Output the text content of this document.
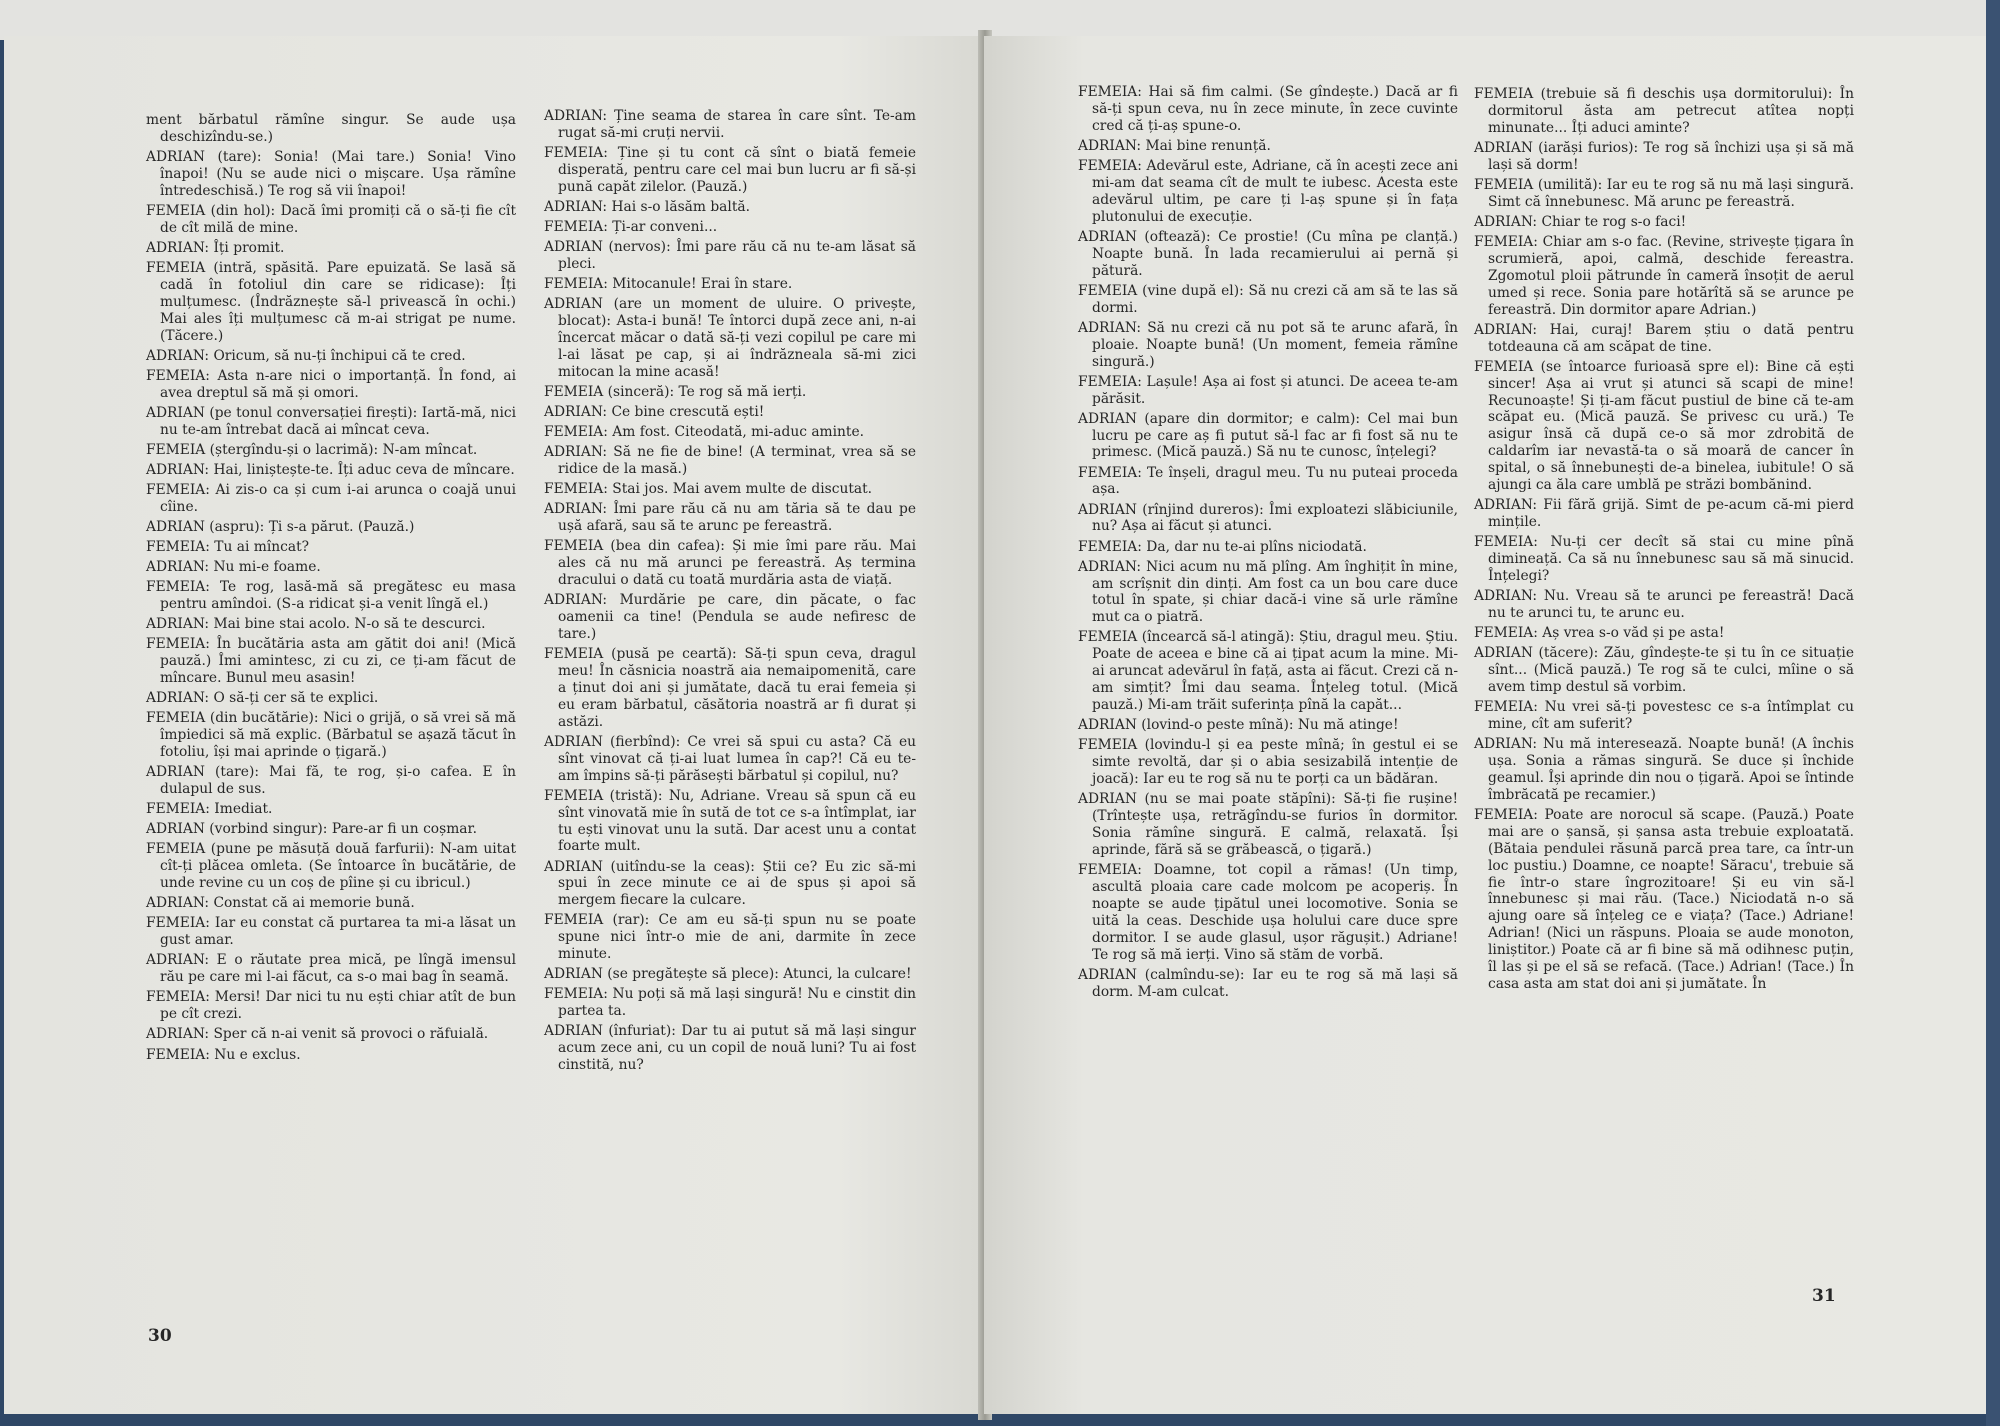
ment bărbatul rămîne singur. Se aude ușa deschizîndu-se.)

ADRIAN (tare): Sonia! (Mai tare.) Sonia! Vino înapoi! (Nu se aude nici o mișcare. Ușa rămîne întredeschisă.) Te rog să vii înapoi!

FEMEIA (din hol): Dacă îmi promiți că o să-ți fie cît de cît milă de mine.

ADRIAN: Îți promit.

FEMEIA (intră, spăsită. Pare epuizată. Se lasă să cadă în fotoliul din care se ridicase): Îți mulțumesc. (Îndrăznește să-l privească în ochi.) Mai ales îți mulțumesc că m-ai strigat pe nume. (Tăcere.)

ADRIAN: Oricum, să nu-ți închipui că te cred.

FEMEIA: Asta n-are nici o importanță. În fond, ai avea dreptul să mă și omori.

ADRIAN (pe tonul conversației firești): Iartă-mă, nici nu te-am întrebat dacă ai mîncat ceva.

FEMEIA (ștergîndu-și o lacrimă): N-am mîncat.

ADRIAN: Hai, liniștește-te. Îți aduc ceva de mîncare.

FEMEIA: Ai zis-o ca și cum i-ai arunca o coajă unui cîine.

ADRIAN (aspru): Ți s-a părut. (Pauză.)

FEMEIA: Tu ai mîncat?

ADRIAN: Nu mi-e foame.

FEMEIA: Te rog, lasă-mă să pregătesc eu masa pentru amîndoi. (S-a ridicat și-a venit lîngă el.)

ADRIAN: Mai bine stai acolo. N-o să te descurci.

FEMEIA: În bucătăria asta am gătit doi ani! (Mică pauză.) Îmi amintesc, zi cu zi, ce ți-am făcut de mîncare. Bunul meu asasin!

ADRIAN: O să-ți cer să te explici.

FEMEIA (din bucătărie): Nici o grijă, o să vrei să mă împiedici să mă explic. (Bărbatul se așază tăcut în fotoliu, își mai aprinde o țigară.)

ADRIAN (tare): Mai fă, te rog, și-o cafea. E în dulapul de sus.

FEMEIA: Imediat.

ADRIAN (vorbind singur): Pare-ar fi un coșmar.

FEMEIA (pune pe măsuță două farfurii): N-am uitat cît-ți plăcea omleta. (Se întoarce în bucătărie, de unde revine cu un coș de pîine și cu ibricul.)

ADRIAN: Constat că ai memorie bună.

FEMEIA: Iar eu constat că purtarea ta mi-a lăsat un gust amar.

ADRIAN: E o răutate prea mică, pe lîngă imensul rău pe care mi l-ai făcut, ca s-o mai bag în seamă.

FEMEIA: Mersi! Dar nici tu nu ești chiar atît de bun pe cît crezi.

ADRIAN: Sper că n-ai venit să provoci o răfuială.

FEMEIA: Nu e exclus.

ADRIAN: Ține seama de starea în care sînt. Te-am rugat să-mi cruți nervii.

FEMEIA: Ține și tu cont că sînt o biată femeie disperată, pentru care cel mai bun lucru ar fi să-și pună capăt zilelor. (Pauză.)

ADRIAN: Hai s-o lăsăm baltă.

FEMEIA: Ți-ar conveni...

ADRIAN (nervos): Îmi pare rău că nu te-am lăsat să pleci.

FEMEIA: Mitocanule! Erai în stare.

ADRIAN (are un moment de uluire. O privește, blocat): Asta-i bună! Te întorci după zece ani, n-ai încercat măcar o dată să-ți vezi copilul pe care mi l-ai lăsat pe cap, și ai îndrăzneala să-mi zici mitocan la mine acasă!

FEMEIA (sinceră): Te rog să mă ierți.

ADRIAN: Ce bine crescută ești!

FEMEIA: Am fost. Citeodată, mi-aduc aminte.

ADRIAN: Să ne fie de bine! (A terminat, vrea să se ridice de la masă.)

FEMEIA: Stai jos. Mai avem multe de discutat.

ADRIAN: Îmi pare rău că nu am tăria să te dau pe ușă afară, sau să te arunc pe fereastră.

FEMEIA (bea din cafea): Și mie îmi pare rău. Mai ales că nu mă arunci pe fereastră. Aș termina dracului o dată cu toată murdăria asta de viață.

ADRIAN: Murdărie pe care, din păcate, o fac oamenii ca tine! (Pendula se aude nefiresc de tare.)

FEMEIA (pusă pe ceartă): Să-ți spun ceva, dragul meu! În căsnicia noastră aia nemaipomenită, care a ținut doi ani și jumătate, dacă tu erai femeia și eu eram bărbatul, căsătoria noastră ar fi durat și astăzi.

ADRIAN (fierbînd): Ce vrei să spui cu asta? Că eu sînt vinovat că ți-ai luat lumea în cap?! Că eu te-am împins să-ți părăsești bărbatul și copilul, nu?

FEMEIA (tristă): Nu, Adriane. Vreau să spun că eu sînt vinovată mie în sută de tot ce s-a întîmplat, iar tu ești vinovat unu la sută. Dar acest unu a contat foarte mult.

ADRIAN (uitîndu-se la ceas): Știi ce? Eu zic să-mi spui în zece minute ce ai de spus și apoi să mergem fiecare la culcare.

FEMEIA (rar): Ce am eu să-ți spun nu se poate spune nici într-o mie de ani, darmite în zece minute.

ADRIAN (se pregătește să plece): Atunci, la culcare!

FEMEIA: Nu poți să mă lași singură! Nu e cinstit din partea ta.

ADRIAN (înfuriat): Dar tu ai putut să mă lași singur acum zece ani, cu un copil de nouă luni? Tu ai fost cinstită, nu?

30

FEMEIA: Hai să fim calmi. (Se gîndește.) Dacă ar fi să-ți spun ceva, nu în zece minute, în zece cuvinte cred că ți-aș spune-o.

ADRIAN: Mai bine renunță.

FEMEIA: Adevărul este, Adriane, că în acești zece ani mi-am dat seama cît de mult te iubesc. Acesta este adevărul ultim, pe care ți l-aș spune și în fața plutonului de execuție.

ADRIAN (oftează): Ce prostie! (Cu mîna pe clanță.) Noapte bună. În lada recamierului ai pernă și pătură.

FEMEIA (vine după el): Să nu crezi că am să te las să dormi.

ADRIAN: Să nu crezi că nu pot să te arunc afară, în ploaie. Noapte bună! (Un moment, femeia rămîne singură.)

FEMEIA: Lașule! Așa ai fost și atunci. De aceea te-am părăsit.

ADRIAN (apare din dormitor; e calm): Cel mai bun lucru pe care aș fi putut să-l fac ar fi fost să nu te primesc. (Mică pauză.) Să nu te cunosc, înțelegi?

FEMEIA: Te înșeli, dragul meu. Tu nu puteai proceda așa.

ADRIAN (rînjind dureros): Îmi exploatezi slăbiciunile, nu? Așa ai făcut și atunci.

FEMEIA: Da, dar nu te-ai plîns niciodată.

ADRIAN: Nici acum nu mă plîng. Am înghițit în mine, am scrîșnit din dinți. Am fost ca un bou care duce totul în spate, și chiar dacă-i vine să urle rămîne mut ca o piatră.

FEMEIA (încearcă să-l atingă): Știu, dragul meu. Știu. Poate de aceea e bine că ai țipat acum la mine. Mi-ai aruncat adevărul în față, asta ai făcut. Crezi că n-am simțit? Îmi dau seama. Înțeleg totul. (Mică pauză.) Mi-am trăit suferința pînă la capăt...

ADRIAN (lovind-o peste mînă): Nu mă atinge!

FEMEIA (lovindu-l și ea peste mînă; în gestul ei se simte revoltă, dar și o abia sesizabilă intenție de joacă): Iar eu te rog să nu te porți ca un bădăran.

ADRIAN (nu se mai poate stăpîni): Să-ți fie rușine! (Trîntește ușa, retrăgîndu-se furios în dormitor. Sonia rămîne singură. E calmă, relaxată. Își aprinde, fără să se grăbească, o țigară.)

FEMEIA: Doamne, tot copil a rămas! (Un timp, ascultă ploaia care cade molcom pe acoperiș. În noapte se aude țipătul unei locomotive. Sonia se uită la ceas. Deschide ușa holului care duce spre dormitor. I se aude glasul, ușor răgușit.) Adriane! Te rog să mă ierți. Vino să stăm de vorbă.

ADRIAN (calmîndu-se): Iar eu te rog să mă lași să dorm. M-am culcat.

FEMEIA (trebuie să fi deschis ușa dormitorului): În dormitorul ăsta am petrecut atîtea nopți minunate... Îți aduci aminte?

ADRIAN (iarăși furios): Te rog să închizi ușa și să mă lași să dorm!

FEMEIA (umilită): Iar eu te rog să nu mă lași singură. Simt că înnebunesc. Mă arunc pe fereastră.

ADRIAN: Chiar te rog s-o faci!

FEMEIA: Chiar am s-o fac. (Revine, strivește țigara în scrumieră, apoi, calmă, deschide fereastra. Zgomotul ploii pătrunde în cameră însoțit de aerul umed și rece. Sonia pare hotărîtă să se arunce pe fereastră. Din dormitor apare Adrian.)

ADRIAN: Hai, curaj! Barem știu o dată pentru totdeauna că am scăpat de tine.

FEMEIA (se întoarce furioasă spre el): Bine că ești sincer! Așa ai vrut și atunci să scapi de mine! Recunoaște! Și ți-am făcut pustiul de bine că te-am scăpat eu. (Mică pauză. Se privesc cu ură.) Te asigur însă că după ce-o să mor zdrobită de caldarîm iar nevastă-ta o să moară de cancer în spital, o să înnebunești de-a binelea, iubitule! O să ajungi ca ăla care umblă pe străzi bombănind.

ADRIAN: Fii fără grijă. Simt de pe-acum că-mi pierd mințile.

FEMEIA: Nu-ți cer decît să stai cu mine pînă dimineață. Ca să nu înnebunesc sau să mă sinucid. Înțelegi?

ADRIAN: Nu. Vreau să te arunci pe fereastră! Dacă nu te arunci tu, te arunc eu.

FEMEIA: Aș vrea s-o văd și pe asta!

ADRIAN (tăcere): Zău, gîndește-te și tu în ce situație sînt... (Mică pauză.) Te rog să te culci, mîine o să avem timp destul să vorbim.

FEMEIA: Nu vrei să-ți povestesc ce s-a întîmplat cu mine, cît am suferit?

ADRIAN: Nu mă interesează. Noapte bună! (A închis ușa. Sonia a rămas singură. Se duce și închide geamul. Își aprinde din nou o țigară. Apoi se întinde îmbrăcată pe recamier.)

FEMEIA: Poate are norocul să scape. (Pauză.) Poate mai are o șansă, și șansa asta trebuie exploatată. (Bătaia pendulei răsună parcă prea tare, ca într-un loc pustiu.) Doamne, ce noapte! Săracu', trebuie să fie într-o stare îngrozitoare! Și eu vin să-l înnebunesc și mai rău. (Tace.) Niciodată n-o să ajung oare să înțeleg ce e viața? (Tace.) Adriane! Adrian! (Nici un răspuns. Ploaia se aude monoton, liniștitor.) Poate că ar fi bine să mă odihnesc puțin, îl las și pe el să se refacă. (Tace.) Adrian! (Tace.) În casa asta am stat doi ani și jumătate. În

31
